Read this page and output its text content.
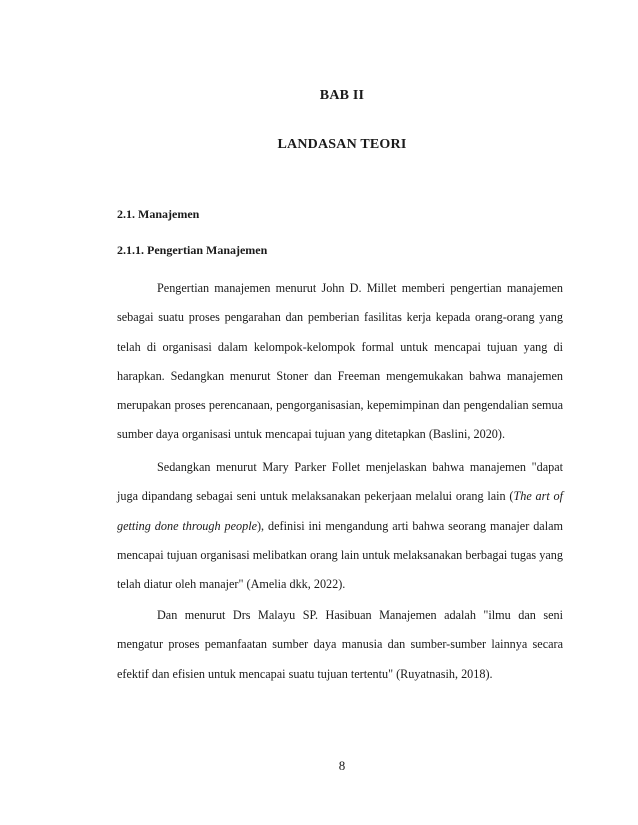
BAB II
LANDASAN TEORI
2.1. Manajemen
2.1.1. Pengertian Manajemen

Pengertian manajemen menurut John D. Millet memberi pengertian manajemen sebagai suatu proses pengarahan dan pemberian fasilitas kerja kepada orang-orang yang telah di organisasi dalam kelompok-kelompok formal untuk mencapai tujuan yang di harapkan. Sedangkan menurut Stoner dan Freeman mengemukakan bahwa manajemen merupakan proses perencanaan, pengorganisasian, kepemimpinan dan pengendalian semua sumber daya organisasi untuk mencapai tujuan yang ditetapkan (Baslini, 2020).

Sedangkan menurut Mary Parker Follet menjelaskan bahwa manajemen "dapat juga dipandang sebagai seni untuk melaksanakan pekerjaan melalui orang lain (The art of getting done through people), definisi ini mengandung arti bahwa seorang manajer dalam mencapai tujuan organisasi melibatkan orang lain untuk melaksanakan berbagai tugas yang telah diatur oleh manajer" (Amelia dkk, 2022).

Dan menurut Drs Malayu SP. Hasibuan Manajemen adalah "ilmu dan seni mengatur proses pemanfaatan sumber daya manusia dan sumber-sumber lainnya secara efektif dan efisien untuk mencapai suatu tujuan tertentu" (Ruyatnasih, 2018).

8
